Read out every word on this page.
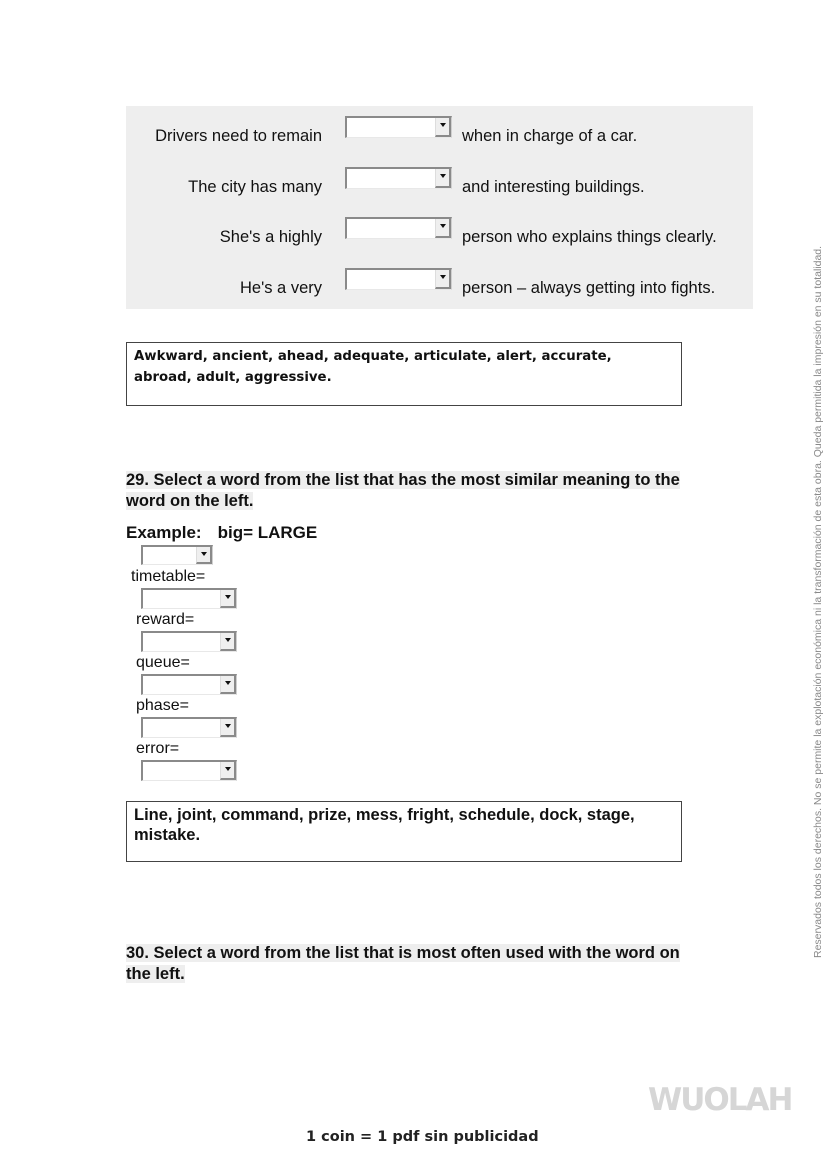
Drivers need to remain	when in charge of a car.
The city has many	and interesting buildings.
She's a highly	person who explains things clearly.
He's a very	person – always getting into fights.
Awkward, ancient, ahead, adequate, articulate, alert, accurate, abroad, adult, aggressive.
29. Select a word from the list that has the most similar meaning to the word on the left.
Example: big= LARGE
timetable=
reward=
queue=
phase=
error=
Line, joint, command, prize, mess, fright, schedule, dock, stage, mistake.
30. Select a word from the list that is most often used with the word on the left.
Reservados todos los derechos. No se permite la explotación económica ni la transformación de esta obra. Queda permitida la impresión en su totalidad.
WUOLAH
1 coin = 1 pdf sin publicidad
